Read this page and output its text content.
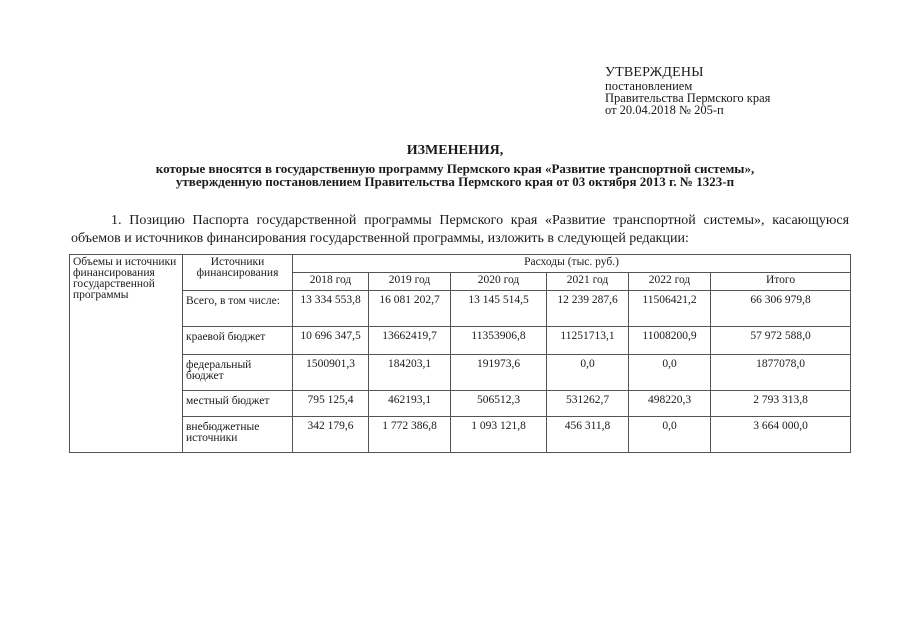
УТВЕРЖДЕНЫ
постановлением
Правительства Пермского края
от 20.04.2018 № 205-п
ИЗМЕНЕНИЯ,
которые вносятся в государственную программу Пермского края «Развитие транспортной системы»,
утвержденную постановлением Правительства Пермского края от 03 октября 2013 г. № 1323-п
1. Позицию Паспорта государственной программы Пермского края «Развитие транспортной системы», касающуюся объемов и источников финансирования государственной программы, изложить в следующей редакции:
Объемы и источники финансирования государственной программы	Источники финансирования	Расходы (тыс. руб.)					
		2018 год	2019 год	2020 год	2021 год	2022 год	Итого
	Всего, в том числе:	13 334 553,8	16 081 202,7	13 145 514,5	12 239 287,6	11506421,2	66 306 979,8
	краевой бюджет	10 696 347,5	13662419,7	11353906,8	11251713,1	11008200,9	57 972 588,0
	федеральный бюджет	1500901,3	184203,1	191973,6	0,0	0,0	1877078,0
	местный бюджет	795 125,4	462193,1	506512,3	531262,7	498220,3	2 793 313,8
	внебюджетные источники	342 179,6	1 772 386,8	1 093 121,8	456 311,8	0,0	3 664 000,0
